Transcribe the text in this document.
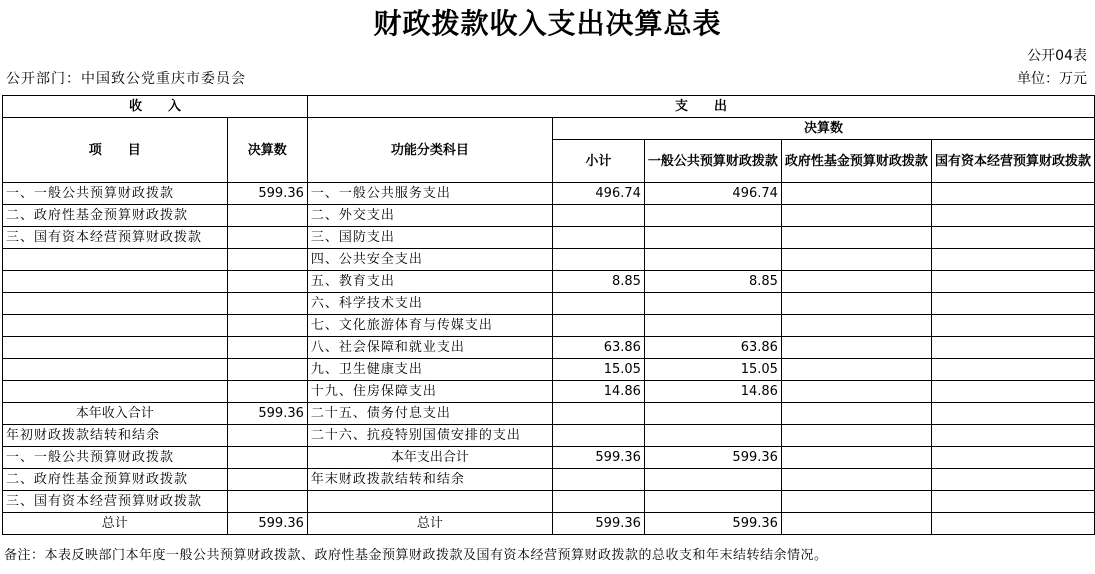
财政拨款收入支出决算总表
公开04表
公开部门：中国致公党重庆市委员会	单位：万元
收　　入		支　　出				
项　　目	决算数	功能分类科目	决算数			
			小计	一般公共预算财政拨款	政府性基金预算财政拨款	国有资本经营预算财政拨款
一、一般公共预算财政拨款	599.36	一、一般公共服务支出	496.74	496.74		
二、政府性基金预算财政拨款		二、外交支出				
三、国有资本经营预算财政拨款		三、国防支出				
		四、公共安全支出				
		五、教育支出	8.85	8.85		
		六、科学技术支出				
		七、文化旅游体育与传媒支出				
		八、社会保障和就业支出	63.86	63.86		
		九、卫生健康支出	15.05	15.05		
		十九、住房保障支出	14.86	14.86		
本年收入合计	599.36	二十五、债务付息支出				
年初财政拨款结转和结余		二十六、抗疫特别国债安排的支出				
一、一般公共预算财政拨款		本年支出合计	599.36	599.36		
二、政府性基金预算财政拨款		年末财政拨款结转和结余				
三、国有资本经营预算财政拨款						
总计	599.36	总计	599.36	599.36		
备注：本表反映部门本年度一般公共预算财政拨款、政府性基金预算财政拨款及国有资本经营预算财政拨款的总收支和年末结转结余情况。
